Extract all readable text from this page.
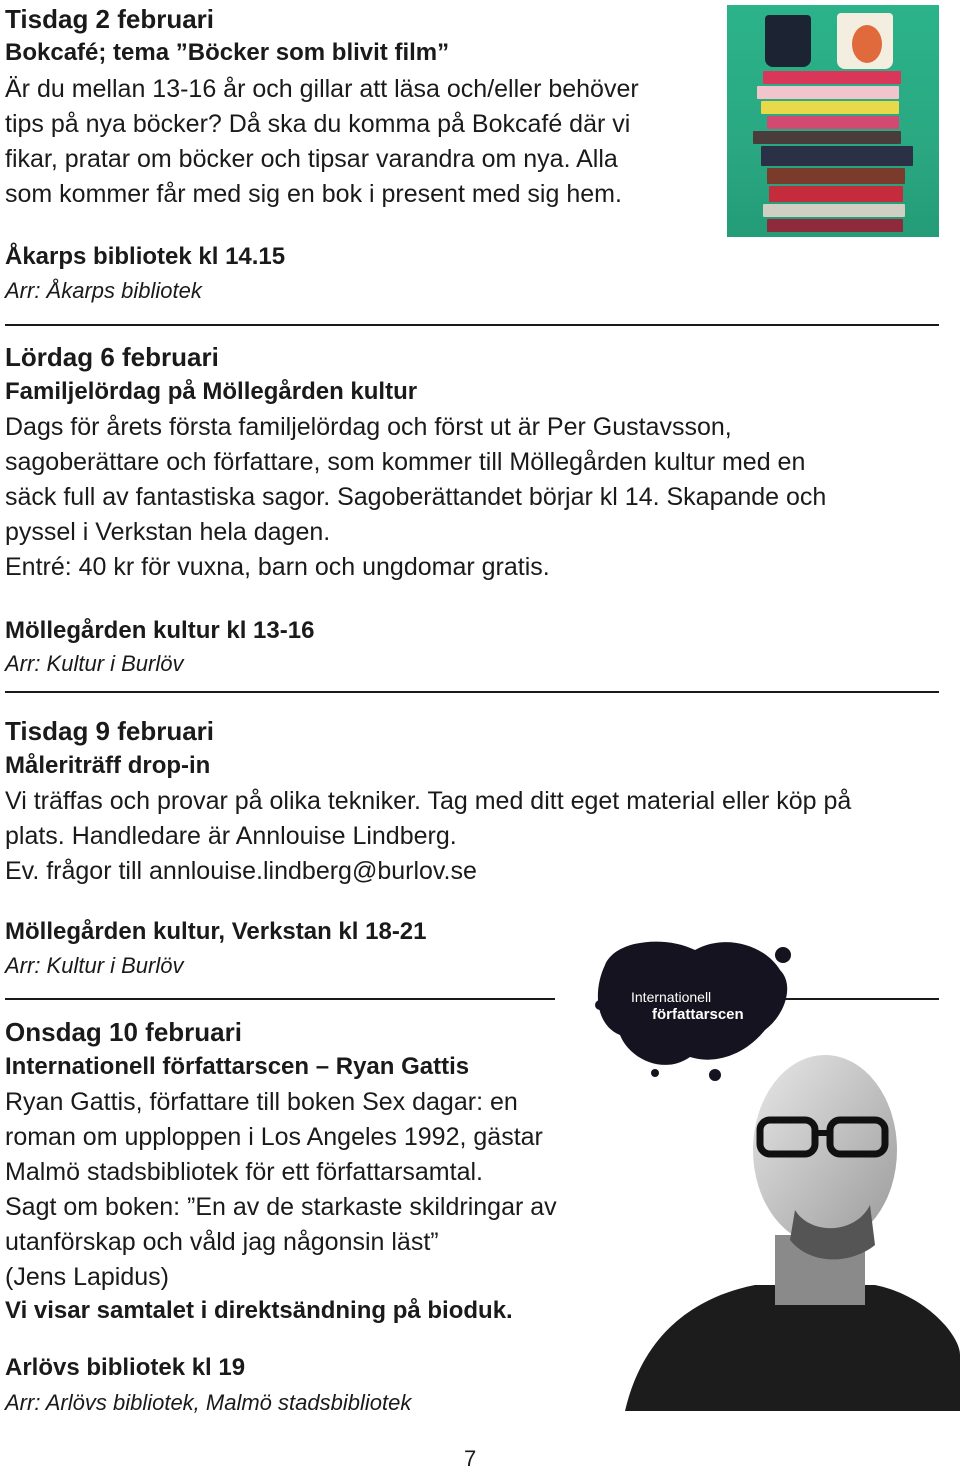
Tisdag 2 februari
Bokcafé; tema ”Böcker som blivit film”
Är du mellan 13-16 år och gillar att läsa och/eller behöver
tips på nya böcker? Då ska du komma på Bokcafé där vi
fikar, pratar om böcker och tipsar varandra om nya. Alla
som kommer får med sig en bok i present med sig hem.
Åkarps bibliotek kl 14.15
Arr: Åkarps bibliotek
Lördag 6 februari
Familjelördag på Möllegården kultur
Dags för årets första familjelördag och först ut är Per Gustavsson,
sagoberättare och författare, som kommer till Möllegården kultur med en
säck full av fantastiska sagor. Sagoberättandet börjar kl 14. Skapande och
pyssel i Verkstan hela dagen.
Entré: 40 kr för vuxna, barn och ungdomar gratis.
Möllegården kultur kl 13-16
Arr: Kultur i Burlöv
Tisdag 9 februari
Måleriträff drop-in
Vi träffas och provar på olika tekniker. Tag med ditt eget material eller köp på
plats. Handledare är Annlouise Lindberg.
Ev. frågor till annlouise.lindberg@burlov.se
Möllegården kultur, Verkstan kl 18-21
Arr: Kultur i Burlöv
Onsdag 10 februari
Internationell författarscen – Ryan Gattis
Ryan Gattis, författare till boken Sex dagar: en
roman om upploppen i Los Angeles 1992, gästar
Malmö stadsbibliotek för ett författarsamtal.
Sagt om boken: ”En av de starkaste skildringar av
utanförskap och våld jag någonsin läst”
(Jens Lapidus)
Vi visar samtalet i direktsändning på bioduk.
Arlövs bibliotek kl 19
Arr: Arlövs bibliotek, Malmö stadsbibliotek
Internationell
författarscen
7
